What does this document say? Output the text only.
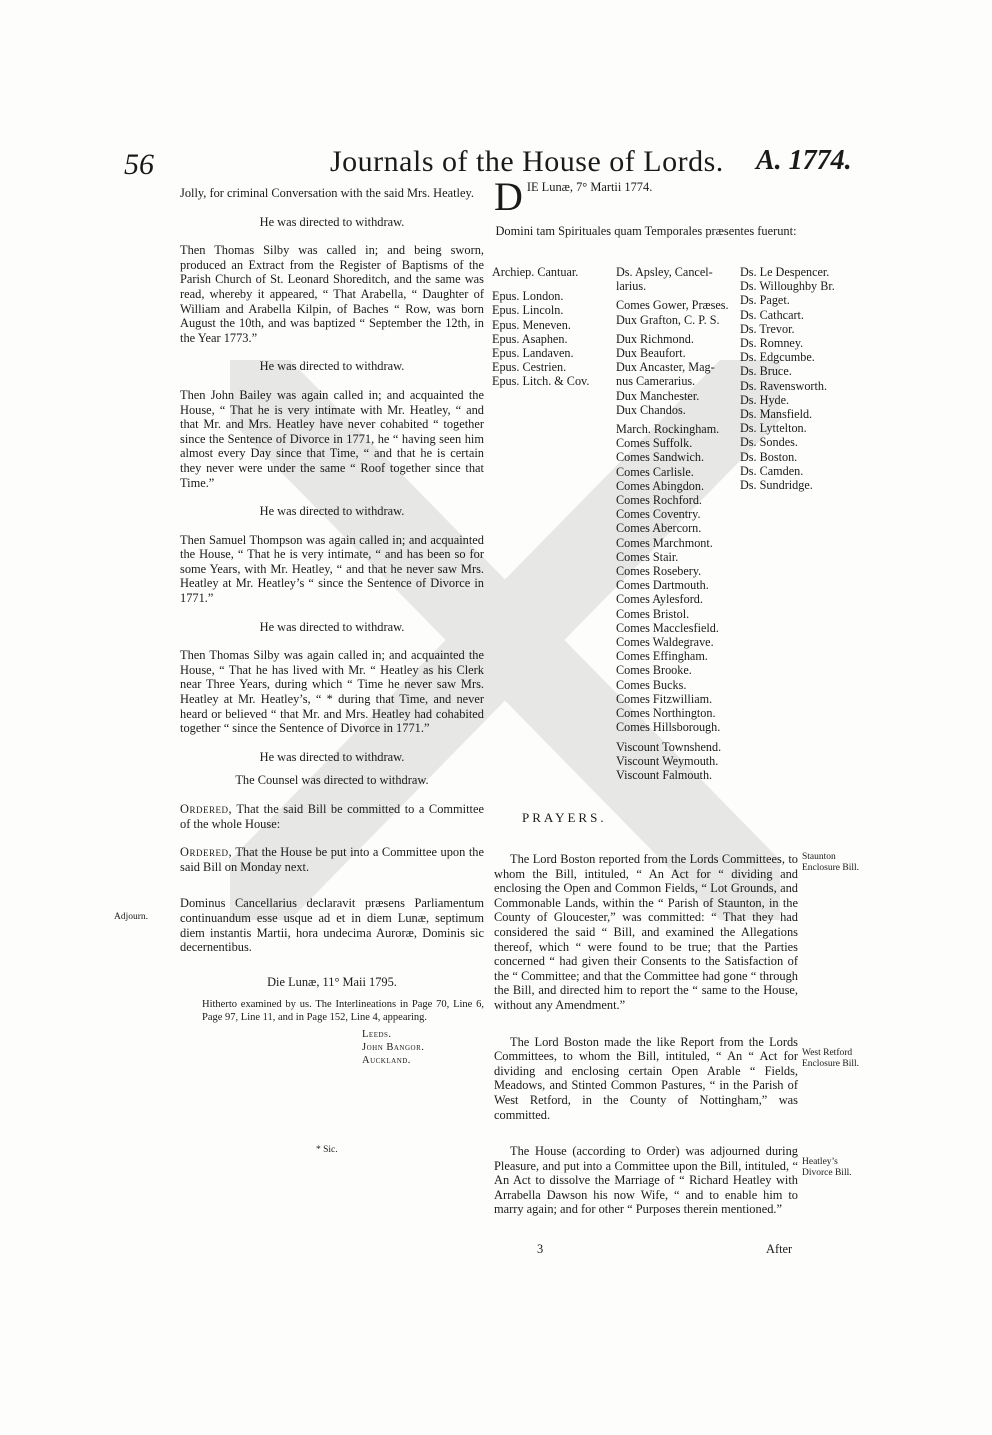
56	Journals of the House of Lords. A. 1774.

Jolly, for criminal Conversation with the said Mrs. Heatley.

He was directed to withdraw.

Then Thomas Silby was called in; and being sworn, produced an Extract from the Register of Baptisms of the Parish Church of St. Leonard Shoreditch, and the same was read, whereby it appeared, “ That Arabella, “ Daughter of William and Arabella Kilpin, of Baches “ Row, was born August the 10th, and was baptized “ September the 12th, in the Year 1773.”

He was directed to withdraw.

Then John Bailey was again called in; and acquainted the House, “ That he is very intimate with Mr. Heatley, “ and that Mr. and Mrs. Heatley have never cohabited “ together since the Sentence of Divorce in 1771, he “ having seen him almost every Day since that Time, “ and that he is certain they never were under the same “ Roof together since that Time.”

He was directed to withdraw.

Then Samuel Thompson was again called in; and acquainted the House, “ That he is very intimate, “ and has been so for some Years, with Mr. Heatley, “ and that he never saw Mrs. Heatley at Mr. Heatley’s “ since the Sentence of Divorce in 1771.”

He was directed to withdraw.

Then Thomas Silby was again called in; and acquainted the House, “ That he has lived with Mr. “ Heatley as his Clerk near Three Years, during which “ Time he never saw Mrs. Heatley at Mr. Heatley’s, “ * during that Time, and never heard or believed “ that Mr. and Mrs. Heatley had cohabited together “ since the Sentence of Divorce in 1771.”

He was directed to withdraw.

The Counsel was directed to withdraw.

Ordered, That the said Bill be committed to a Committee of the whole House:

Ordered, That the House be put into a Committee upon the said Bill on Monday next.

Dominus Cancellarius declaravit præsens Parliamentum continuandum esse usque ad et in diem Lunæ, septimum diem instantis Martii, hora undecima Auroræ, Dominis sic decernentibus.

Die Lunæ, 11° Maii 1795.

Hitherto examined by us. The Interlineations in Page 70, Line 6, Page 97, Line 11, and in Page 152, Line 4, appearing.

Leeds.
John Bangor.
Auckland.
Adjourn.
* Sic.
D IE Lunæ, 7° Martii 1774.
Domini tam Spirituales quam Temporales præsentes fuerunt:
Archiep. Cantuar.
Epus. London.
Epus. Lincoln.
Epus. Meneven.
Epus. Asaphen.
Epus. Landaven.
Epus. Cestrien.
Epus. Litch. & Cov.
Ds. Apsley, Cancel-
larius.
Comes Gower, Præses.
Dux Grafton, C. P. S.
Dux Richmond.
Dux Beaufort.
Dux Ancaster, Mag-
nus Camerarius.
Dux Manchester.
Dux Chandos.
March. Rockingham.
Comes Suffolk.
Comes Sandwich.
Comes Carlisle.
Comes Abingdon.
Comes Rochford.
Comes Coventry.
Comes Abercorn.
Comes Marchmont.
Comes Stair.
Comes Rosebery.
Comes Dartmouth.
Comes Aylesford.
Comes Bristol.
Comes Macclesfield.
Comes Waldegrave.
Comes Effingham.
Comes Brooke.
Comes Bucks.
Comes Fitzwilliam.
Comes Northington.
Comes Hillsborough.
Viscount Townshend.
Viscount Weymouth.
Viscount Falmouth.
Ds. Le Despencer.
Ds. Willoughby Br.
Ds. Paget.
Ds. Cathcart.
Ds. Trevor.
Ds. Romney.
Ds. Edgcumbe.
Ds. Bruce.
Ds. Ravensworth.
Ds. Hyde.
Ds. Mansfield.
Ds. Lyttelton.
Ds. Sondes.
Ds. Boston.
Ds. Camden.
Ds. Sundridge.
PRAYERS.

The Lord Boston reported from the Lords Committees, to whom the Bill, intituled, “ An Act for “ dividing and enclosing the Open and Common Fields, “ Lot Grounds, and Commonable Lands, within the “ Parish of Staunton, in the County of Gloucester,” was committed: “ That they had considered the said “ Bill, and examined the Allegations thereof, which “ were found to be true; that the Parties concerned “ had given their Consents to the Satisfaction of the “ Committee; and that the Committee had gone “ through the Bill, and directed him to report the “ same to the House, without any Amendment.”

The Lord Boston made the like Report from the Lords Committees, to whom the Bill, intituled, “ An “ Act for dividing and enclosing certain Open Arable “ Fields, Meadows, and Stinted Common Pastures, “ in the Parish of West Retford, in the County of Nottingham,” was committed.

The House (according to Order) was adjourned during Pleasure, and put into a Committee upon the Bill, intituled, “ An Act to dissolve the Marriage of “ Richard Heatley with Arrabella Dawson his now Wife, “ and to enable him to marry again; and for other “ Purposes therein mentioned.”

Staunton Enclosure Bill.
West Retford Enclosure Bill.
Heatley’s Divorce Bill.
3	After
